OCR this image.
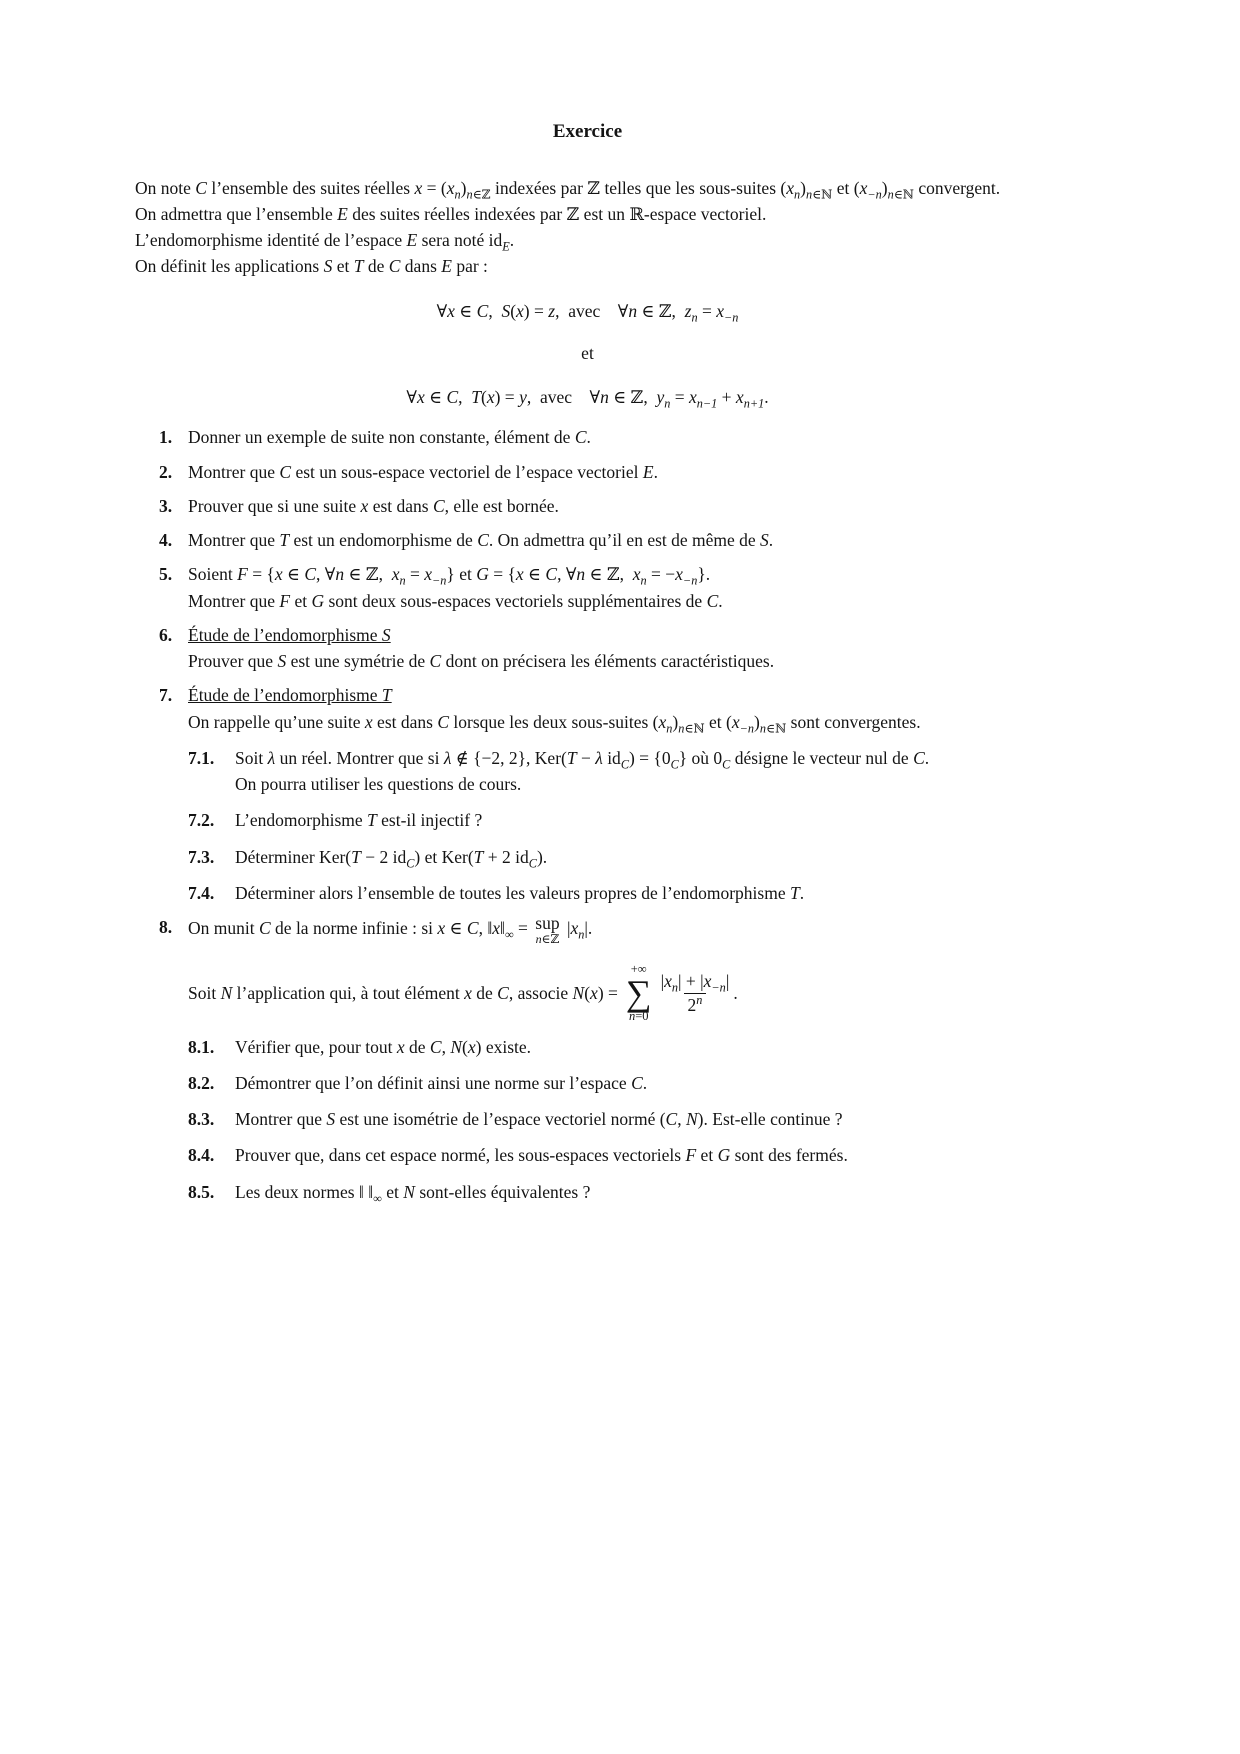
Exercice

On note C l’ensemble des suites réelles $x = (x_n)_{n\in ℤ}$ indexées par ℤ telles que les sous-suites $(x_n)_{n\in ℕ}$ et $(x_{-n})_{n\in ℕ}$ convergent.

On admettra que l’ensemble E des suites réelles indexées par ℤ est un ℝ-espace vectoriel.

L’endomorphisme identité de l’espace E sera noté $id_E$.

On définit les applications S et T de C dans E par :

∀x ∈ C, S(x) = z, avec ∀n ∈ ℤ, $z_n = x_{-n}$
et
∀x ∈ C, T(x) = y, avec ∀n ∈ ℤ, $y_n = x_{n-1} + x_{n+1}$.
1. Donner un exemple de suite non constante, élément de C.

2. Montrer que C est un sous-espace vectoriel de l’espace vectoriel E.

3. Prouver que si une suite x est dans C, elle est bornée.

4. Montrer que T est un endomorphisme de C. On admettra qu’il en est de même de S.

5. Soient F = {x ∈ C, ∀n ∈ ℤ, $x_n = x_{-n}$} et G = {x ∈ C, ∀n ∈ ℤ, $x_n = -x_{-n}$}.

Montrer que F et G sont deux sous-espaces vectoriels supplémentaires de C.

6. Étude de l’endomorphisme S

Prouver que S est une symétrie de C dont on précisera les éléments caractéristiques.

7. Étude de l’endomorphisme T

On rappelle qu’une suite x est dans C lorsque les deux sous-suites $(x_n)_{n\in ℕ}$ et $(x_{-n})_{n\in ℕ}$ sont convergentes.

7.1.	Soit λ un réel. Montrer que si λ ∉ {−2, 2}, Ker(T − λ $id_C) = \{0_C\}$ où $0_C$ désigne le vecteur nul de C.

On pourra utiliser les questions de cours.

7.2.	L’endomorphisme T est-il injectif ?

7.3.	Déterminer Ker(T − 2 $id_C$) et Ker(T + 2 $id_C$).

7.4.	Déterminer alors l’ensemble de toutes les valeurs propres de l’endomorphisme T.

8. On munit C de la norme infinie : si x ∈ C, $‖x‖_\infty$ = sup
n∈ℤ
$|x_n|$.

Soit N l’application qui, à tout élément x de C, associe N(x) =
+∞
∑
$n=0 \frac{|x_n| + |x_{-n}|}{2^n}$ .
8.1.	Vérifier que, pour tout x de C, N(x) existe.

8.2.	Démontrer que l’on définit ainsi une norme sur l’espace C.

8.3.	Montrer que S est une isométrie de l’espace vectoriel normé (C, N). Est-elle continue ?

8.4.	Prouver que, dans cet espace normé, les sous-espaces vectoriels F et G sont des fermés.

8.5.	Les deux normes ‖ $‖_\infty$ et N sont-elles équivalentes ?
